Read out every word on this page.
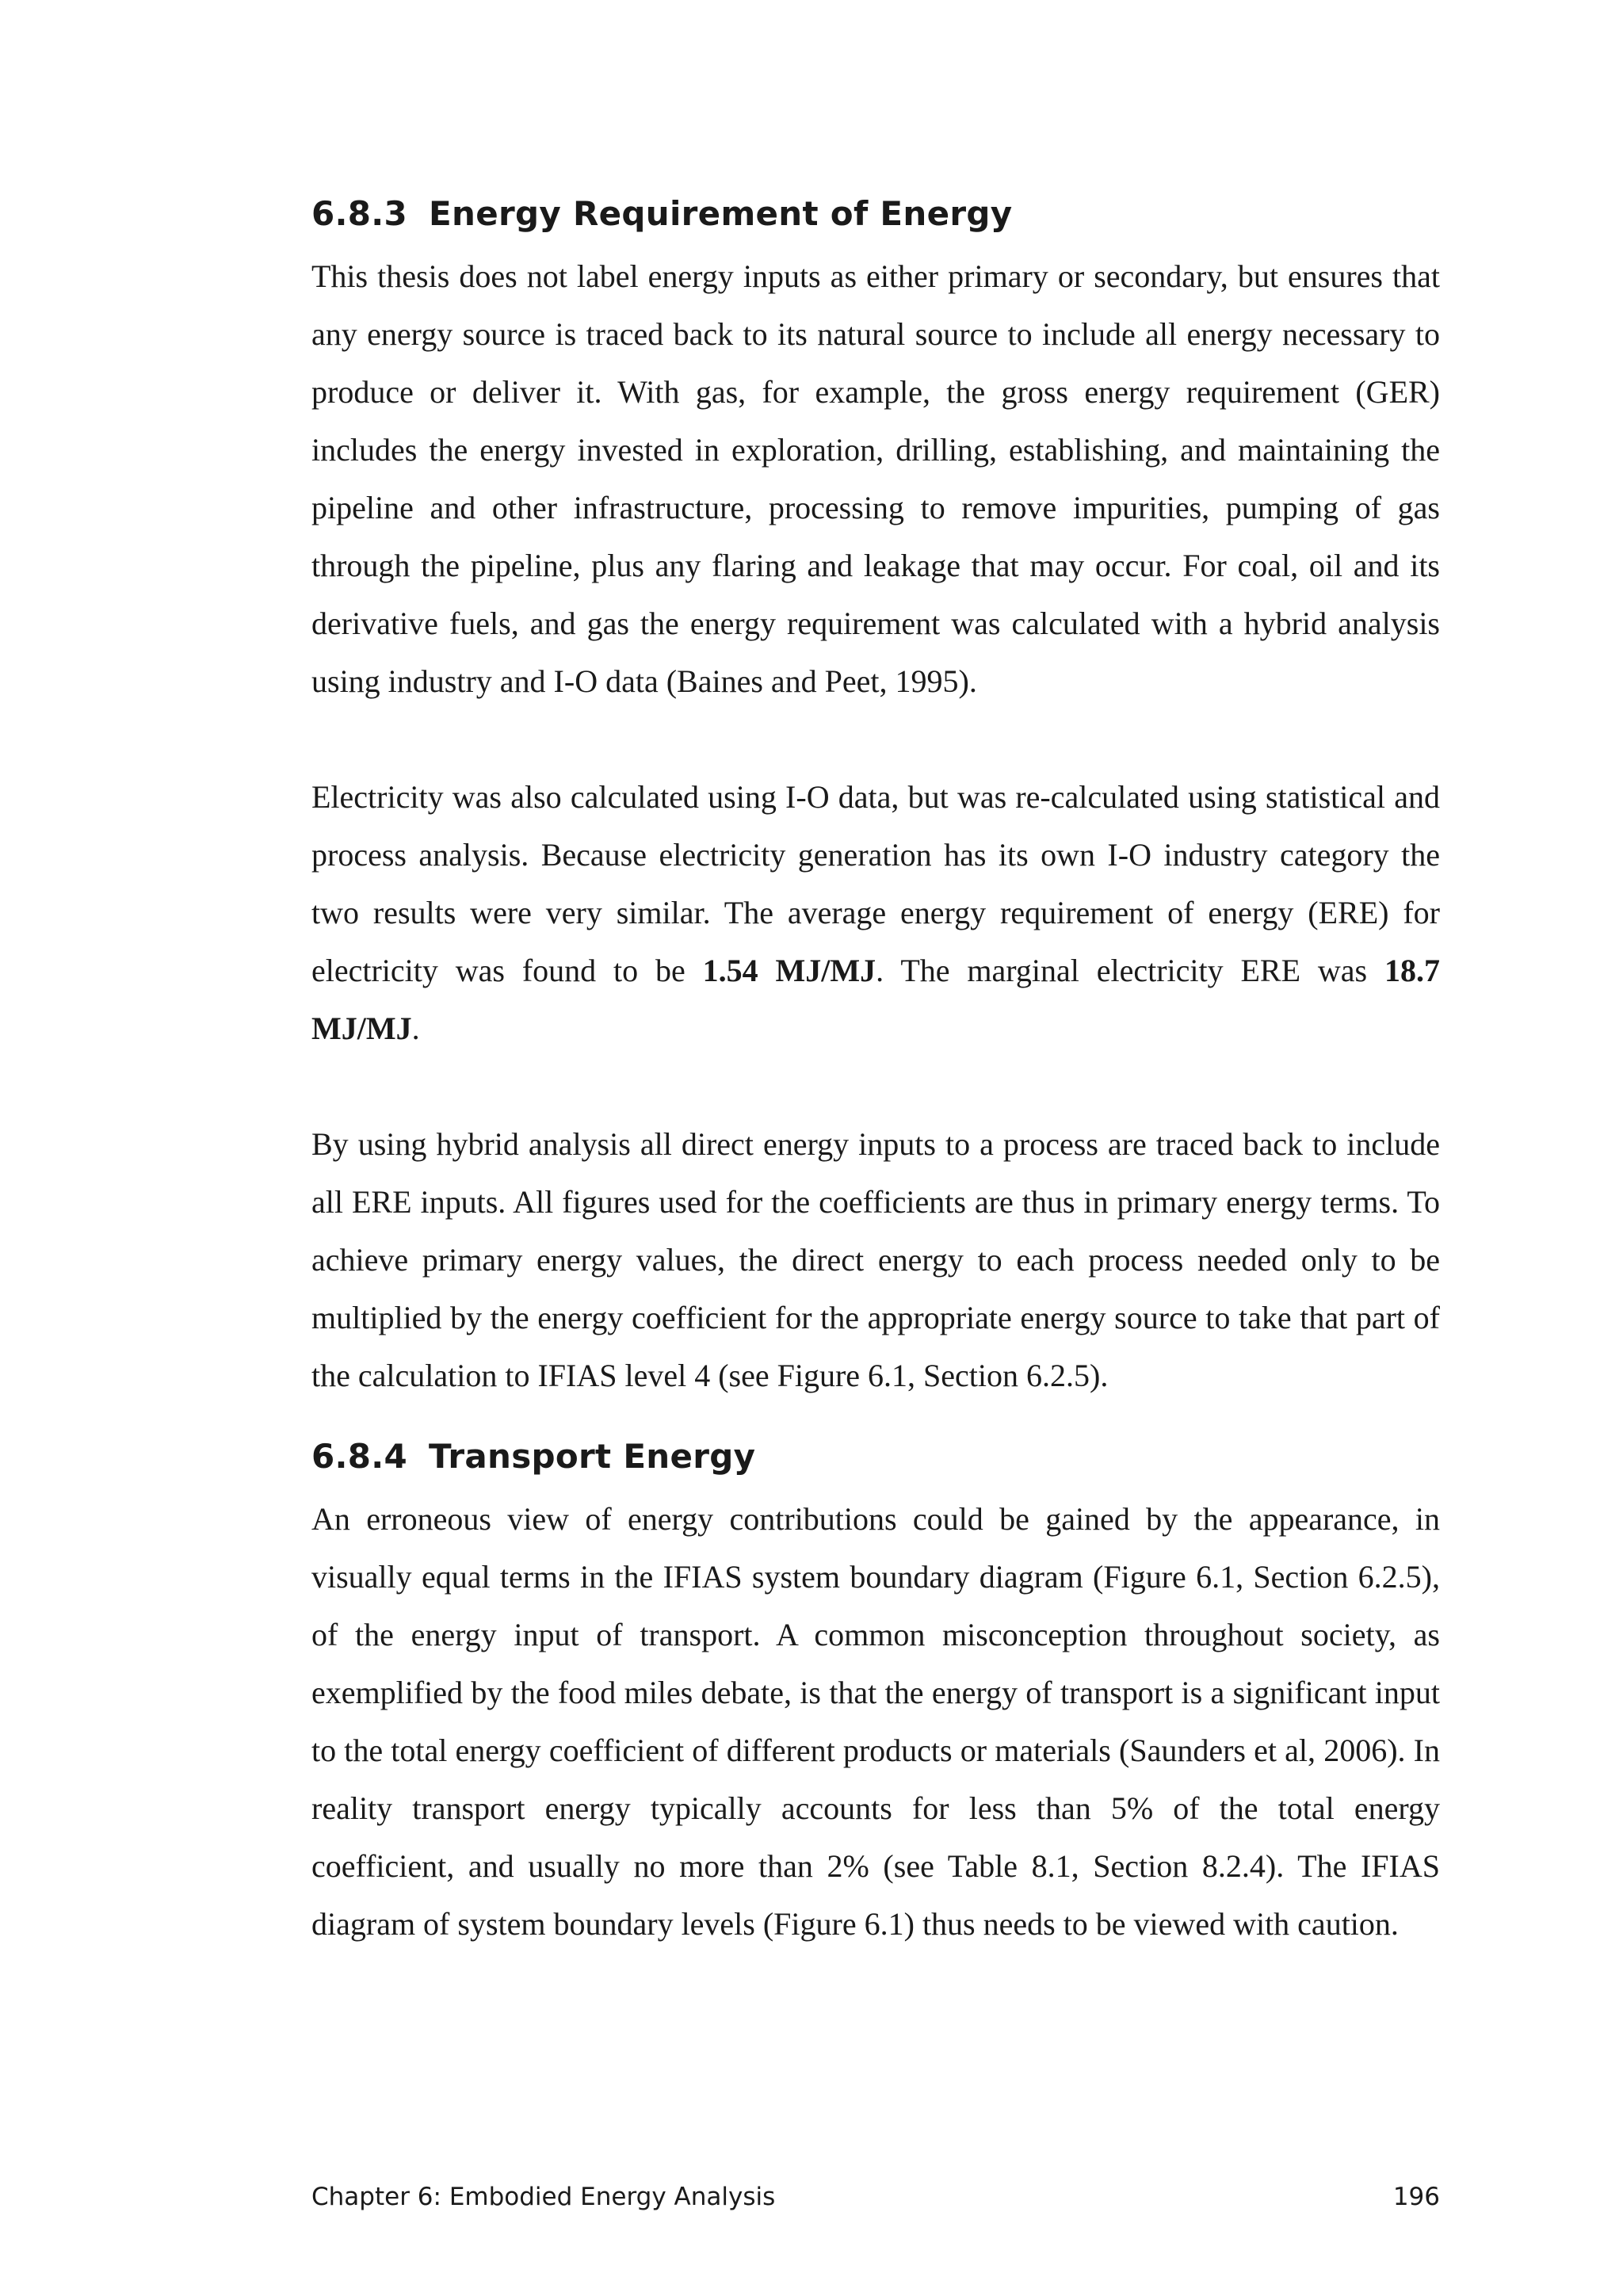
6.8.3 Energy Requirement of Energy

This thesis does not label energy inputs as either primary or secondary, but ensures that any energy source is traced back to its natural source to include all energy necessary to produce or deliver it. With gas, for example, the gross energy requirement (GER) includes the energy invested in exploration, drilling, establishing, and maintaining the pipeline and other infrastructure, processing to remove impurities, pumping of gas through the pipeline, plus any flaring and leakage that may occur. For coal, oil and its derivative fuels, and gas the energy requirement was calculated with a hybrid analysis using industry and I-O data (Baines and Peet, 1995).

Electricity was also calculated using I-O data, but was re-calculated using statistical and process analysis. Because electricity generation has its own I-O industry category the two results were very similar. The average energy requirement of energy (ERE) for electricity was found to be 1.54 MJ/MJ. The marginal electricity ERE was 18.7 MJ/MJ.

By using hybrid analysis all direct energy inputs to a process are traced back to include all ERE inputs. All figures used for the coefficients are thus in primary energy terms. To achieve primary energy values, the direct energy to each process needed only to be multiplied by the energy coefficient for the appropriate energy source to take that part of the calculation to IFIAS level 4 (see Figure 6.1, Section 6.2.5).

6.8.4 Transport Energy

An erroneous view of energy contributions could be gained by the appearance, in visually equal terms in the IFIAS system boundary diagram (Figure 6.1, Section 6.2.5), of the energy input of transport. A common misconception throughout society, as exemplified by the food miles debate, is that the energy of transport is a significant input to the total energy coefficient of different products or materials (Saunders et al, 2006). In reality transport energy typically accounts for less than 5% of the total energy coefficient, and usually no more than 2% (see Table 8.1, Section 8.2.4). The IFIAS diagram of system boundary levels (Figure 6.1) thus needs to be viewed with caution.

Chapter 6: Embodied Energy Analysis	196
